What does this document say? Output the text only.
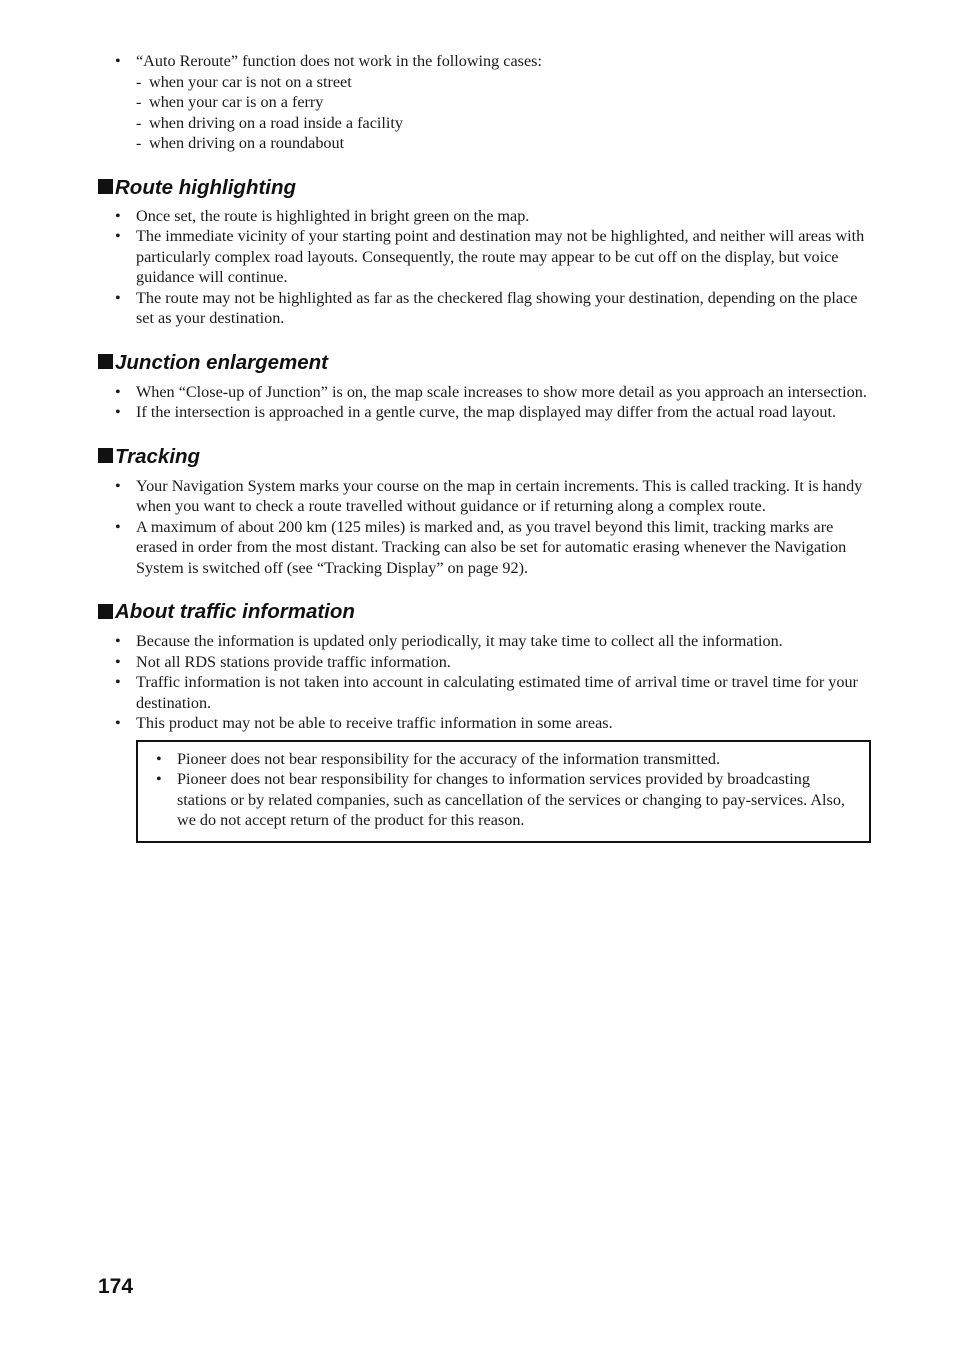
• “Auto Reroute” function does not work in the following cases:
- when your car is not on a street
- when your car is on a ferry
- when driving on a road inside a facility
- when driving on a roundabout
Route highlighting
• Once set, the route is highlighted in bright green on the map.
• The immediate vicinity of your starting point and destination may not be highlighted, and neither will areas with particularly complex road layouts. Consequently, the route may appear to be cut off on the display, but voice guidance will continue.
• The route may not be highlighted as far as the checkered flag showing your destination, depending on the place set as your destination.
Junction enlargement
• When “Close-up of Junction” is on, the map scale increases to show more detail as you approach an intersection.
• If the intersection is approached in a gentle curve, the map displayed may differ from the actual road layout.
Tracking
• Your Navigation System marks your course on the map in certain increments. This is called tracking. It is handy when you want to check a route travelled without guidance or if returning along a complex route.
• A maximum of about 200 km (125 miles) is marked and, as you travel beyond this limit, tracking marks are erased in order from the most distant. Tracking can also be set for automatic erasing whenever the Navigation System is switched off (see “Tracking Display” on page 92).
About traffic information
• Because the information is updated only periodically, it may take time to collect all the information.
• Not all RDS stations provide traffic information.
• Traffic information is not taken into account in calculating estimated time of arrival time or travel time for your destination.
• This product may not be able to receive traffic information in some areas.
• Pioneer does not bear responsibility for the accuracy of the information transmitted.
• Pioneer does not bear responsibility for changes to information services provided by broadcasting stations or by related companies, such as cancellation of the services or changing to pay-services. Also, we do not accept return of the product for this reason.
174
